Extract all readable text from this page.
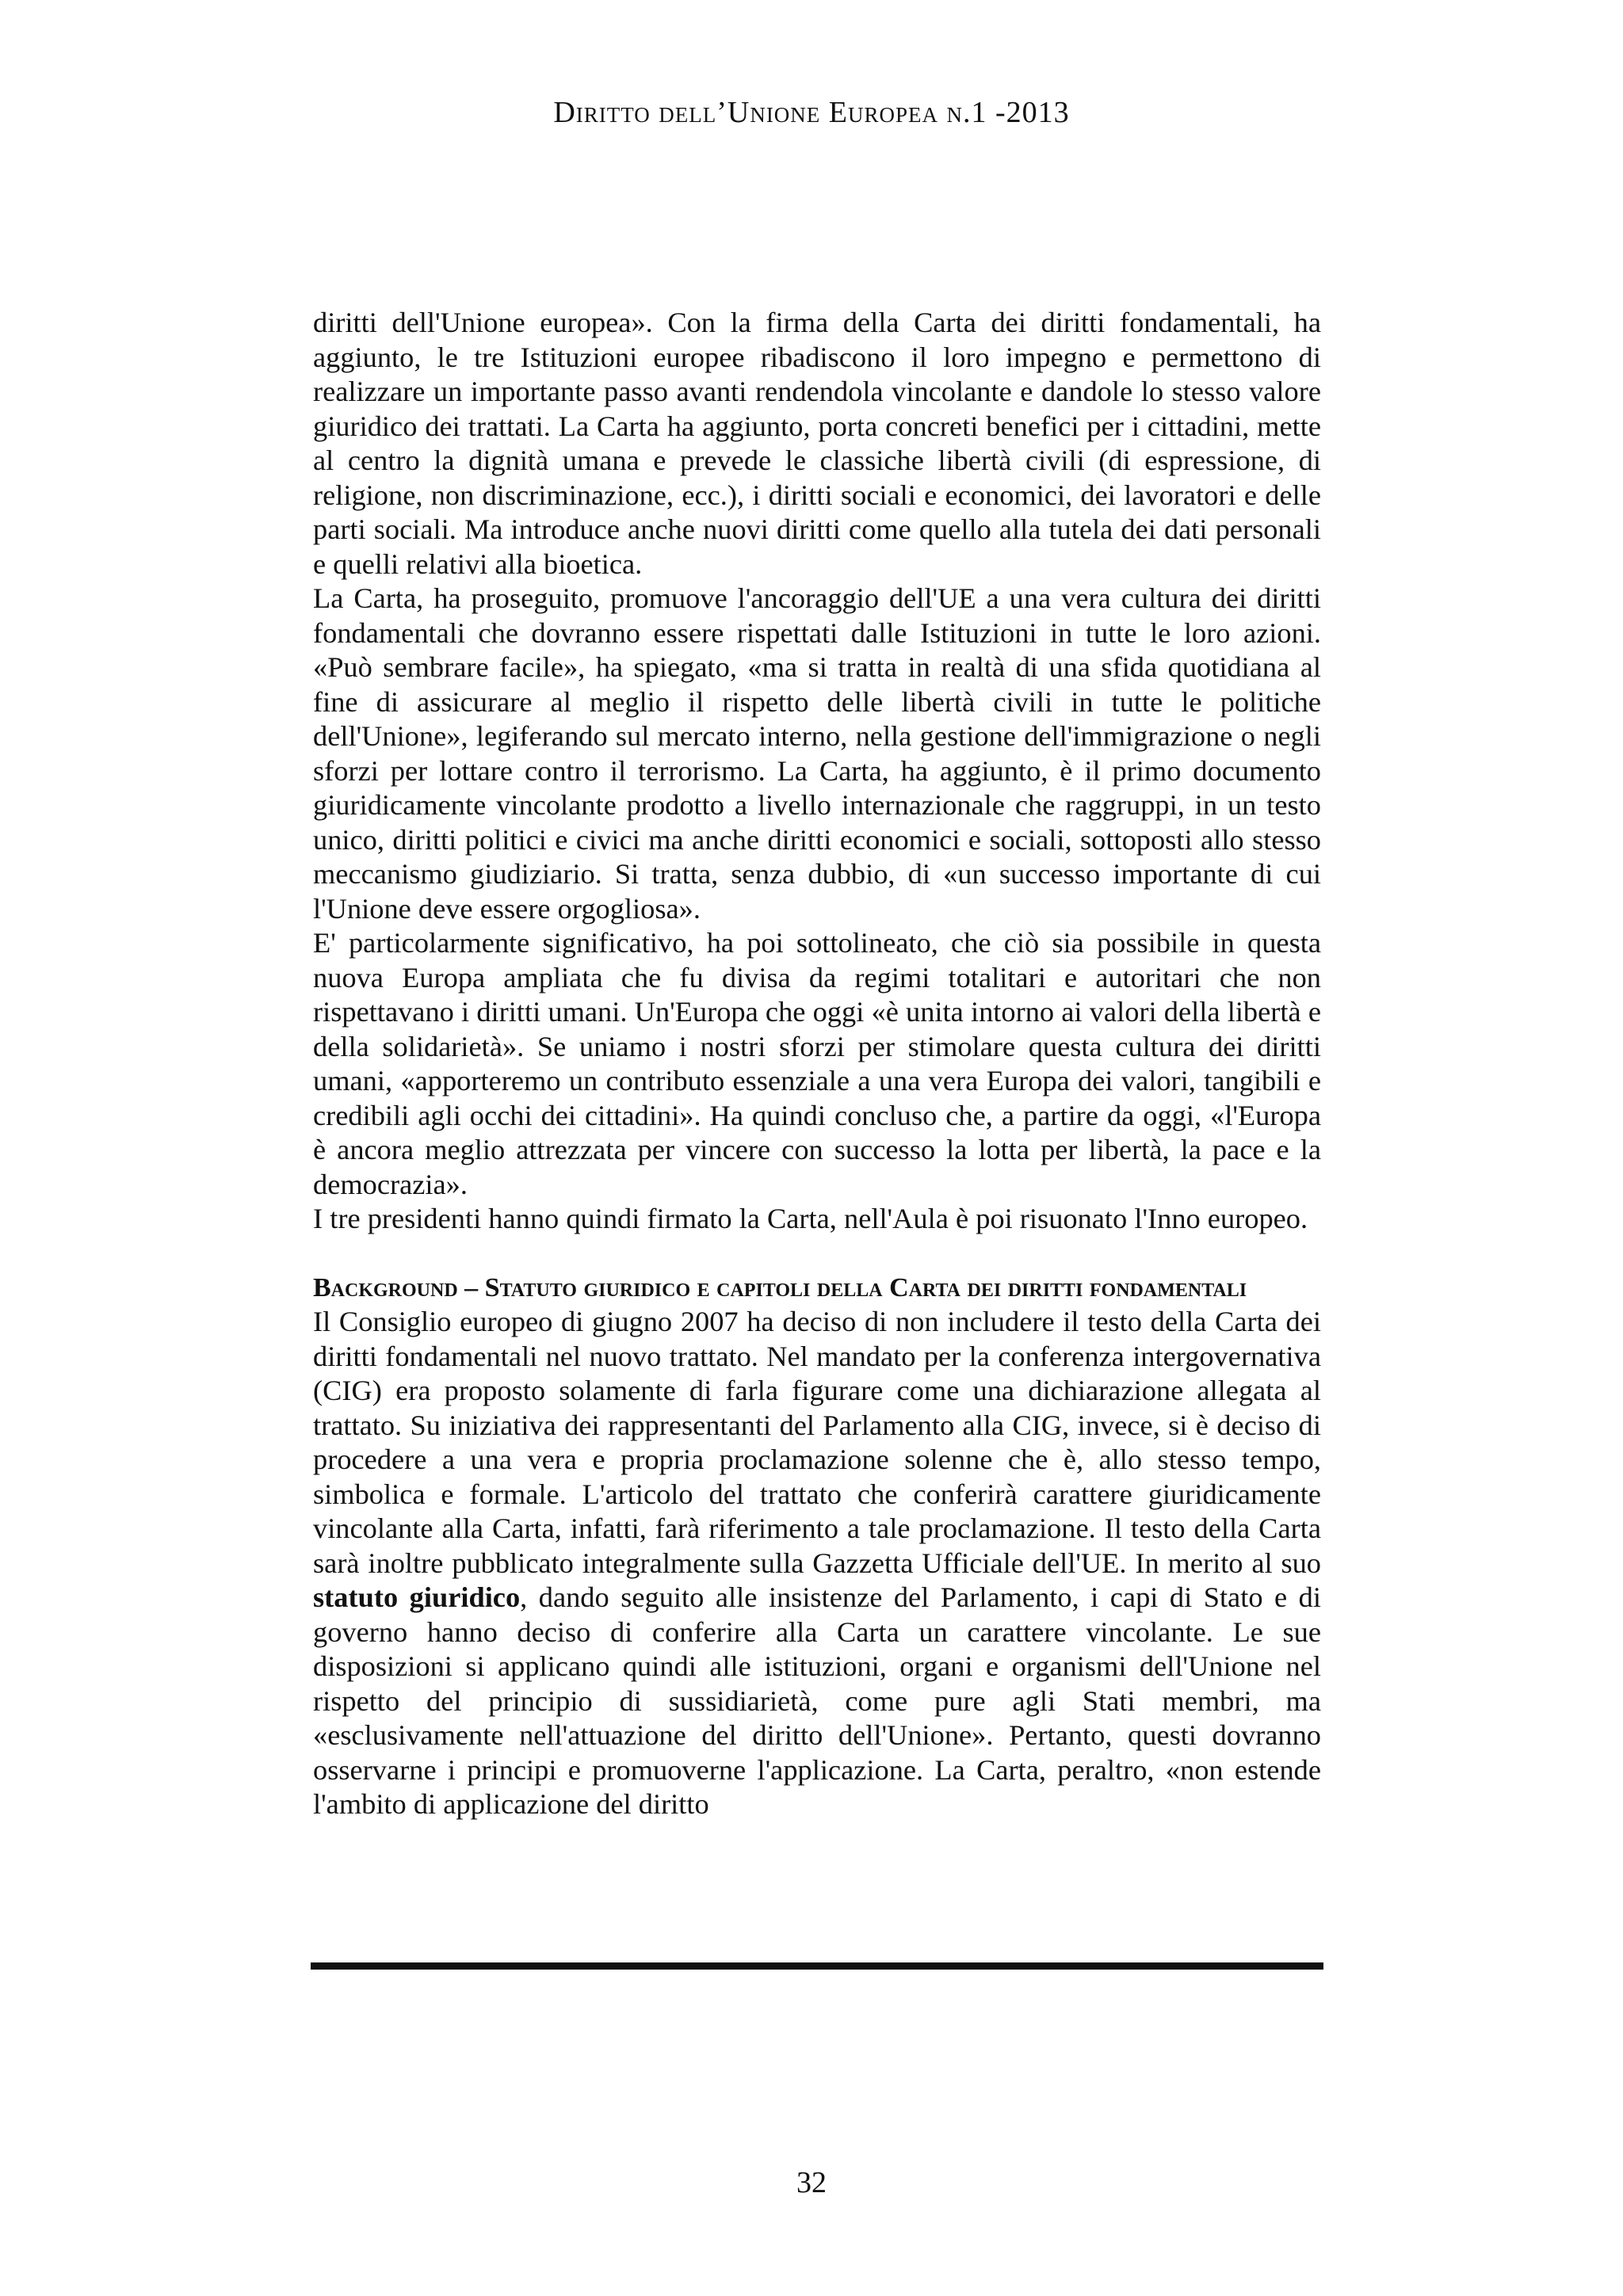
Diritto dell’Unione Europea n.1 -2013

diritti dell'Unione europea». Con la firma della Carta dei diritti fondamentali, ha aggiunto, le tre Istituzioni europee ribadiscono il loro impegno e permettono di realizzare un importante passo avanti rendendola vincolante e dandole lo stesso valore giuridico dei trattati. La Carta ha aggiunto, porta concreti benefici per i cittadini, mette al centro la dignità umana e prevede le classiche libertà civili (di espressione, di religione, non discriminazione, ecc.), i diritti sociali e economici, dei lavoratori e delle parti sociali. Ma introduce anche nuovi diritti come quello alla tutela dei dati personali e quelli relativi alla bioetica.

La Carta, ha proseguito, promuove l'ancoraggio dell'UE a una vera cultura dei diritti fondamentali che dovranno essere rispettati dalle Istituzioni in tutte le loro azioni. «Può sembrare facile», ha spiegato, «ma si tratta in realtà di una sfida quotidiana al fine di assicurare al meglio il rispetto delle libertà civili in tutte le politiche dell'Unione», legiferando sul mercato interno, nella gestione dell'immigrazione o negli sforzi per lottare contro il terrorismo. La Carta, ha aggiunto, è il primo documento giuridicamente vincolante prodotto a livello internazionale che raggruppi, in un testo unico, diritti politici e civici ma anche diritti economici e sociali, sottoposti allo stesso meccanismo giudiziario. Si tratta, senza dubbio, di «un successo importante di cui l'Unione deve essere orgogliosa».

E' particolarmente significativo, ha poi sottolineato, che ciò sia possibile in questa nuova Europa ampliata che fu divisa da regimi totalitari e autoritari che non rispettavano i diritti umani. Un'Europa che oggi «è unita intorno ai valori della libertà e della solidarietà». Se uniamo i nostri sforzi per stimolare questa cultura dei diritti umani, «apporteremo un contributo essenziale a una vera Europa dei valori, tangibili e credibili agli occhi dei cittadini». Ha quindi concluso che, a partire da oggi, «l'Europa è ancora meglio attrezzata per vincere con successo la lotta per libertà, la pace e la democrazia».

I tre presidenti hanno quindi firmato la Carta, nell'Aula è poi risuonato l'Inno europeo.

Background – Statuto giuridico e capitoli della Carta dei diritti fondamentali

Il Consiglio europeo di giugno 2007 ha deciso di non includere il testo della Carta dei diritti fondamentali nel nuovo trattato. Nel mandato per la conferenza intergovernativa (CIG) era proposto solamente di farla figurare come una dichiarazione allegata al trattato. Su iniziativa dei rappresentanti del Parlamento alla CIG, invece, si è deciso di procedere a una vera e propria proclamazione solenne che è, allo stesso tempo, simbolica e formale. L'articolo del trattato che conferirà carattere giuridicamente vincolante alla Carta, infatti, farà riferimento a tale proclamazione. Il testo della Carta sarà inoltre pubblicato integralmente sulla Gazzetta Ufficiale dell'UE. In merito al suo statuto giuridico, dando seguito alle insistenze del Parlamento, i capi di Stato e di governo hanno deciso di conferire alla Carta un carattere vincolante. Le sue disposizioni si applicano quindi alle istituzioni, organi e organismi dell'Unione nel rispetto del principio di sussidiarietà, come pure agli Stati membri, ma «esclusivamente nell'attuazione del diritto dell'Unione». Pertanto, questi dovranno osservarne i principi e promuoverne l'applicazione. La Carta, peraltro, «non estende l'ambito di applicazione del diritto

32
